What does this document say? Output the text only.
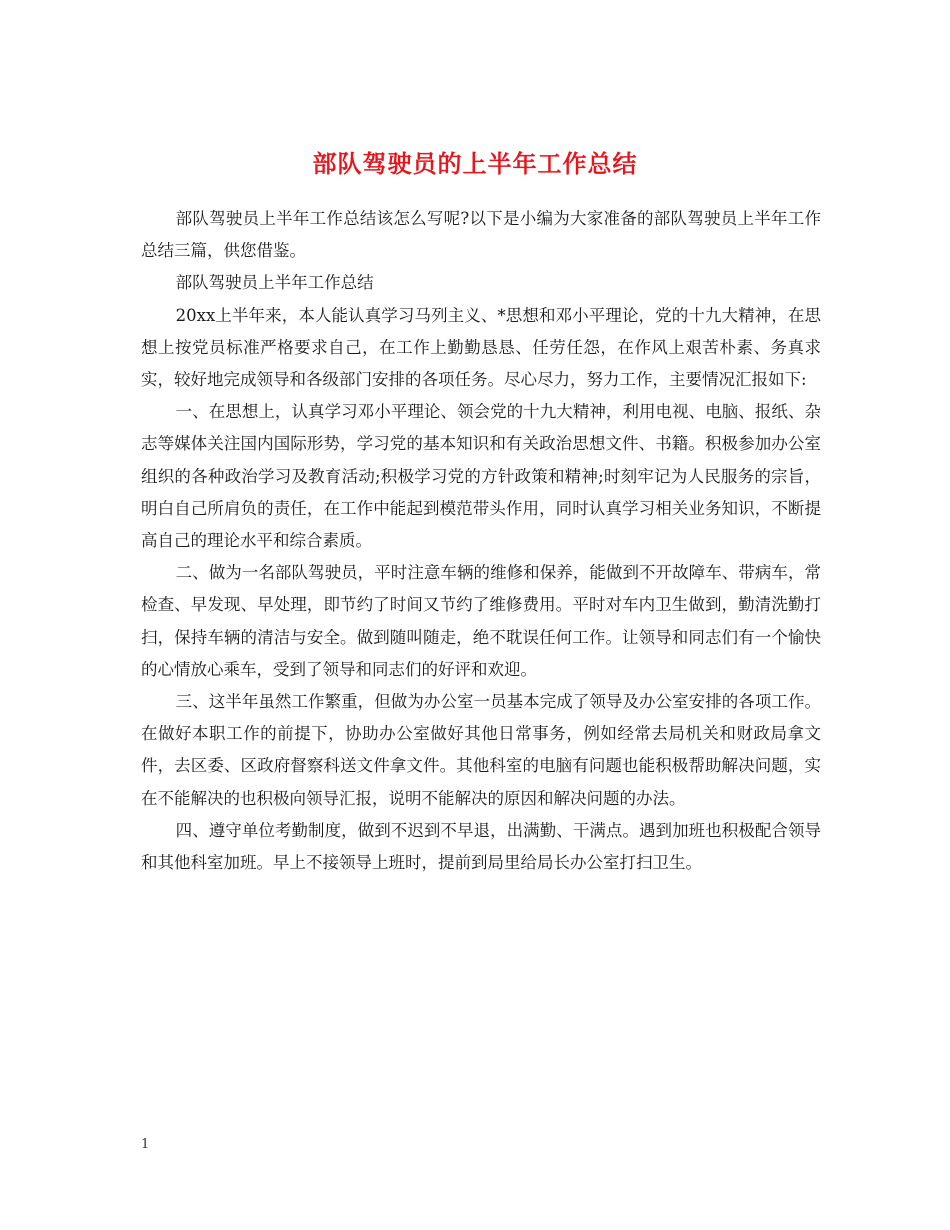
部队驾驶员的上半年工作总结

部队驾驶员上半年工作总结该怎么写呢?以下是小编为大家准备的部队驾驶员上半年工作总结三篇，供您借鉴。

部队驾驶员上半年工作总结

20xx上半年来，本人能认真学习马列主义、*思想和邓小平理论，党的十九大精神，在思想上按党员标准严格要求自己，在工作上勤勤恳恳、任劳任怨，在作风上艰苦朴素、务真求实，较好地完成领导和各级部门安排的各项任务。尽心尽力，努力工作，主要情况汇报如下:

一、在思想上，认真学习邓小平理论、领会党的十九大精神，利用电视、电脑、报纸、杂志等媒体关注国内国际形势，学习党的基本知识和有关政治思想文件、书籍。积极参加办公室组织的各种政治学习及教育活动;积极学习党的方针政策和精神;时刻牢记为人民服务的宗旨，明白自己所肩负的责任，在工作中能起到模范带头作用，同时认真学习相关业务知识，不断提高自己的理论水平和综合素质。

二、做为一名部队驾驶员，平时注意车辆的维修和保养，能做到不开故障车、带病车，常检查、早发现、早处理，即节约了时间又节约了维修费用。平时对车内卫生做到，勤清洗勤打扫，保持车辆的清洁与安全。做到随叫随走，绝不耽误任何工作。让领导和同志们有一个愉快的心情放心乘车，受到了领导和同志们的好评和欢迎。

三、这半年虽然工作繁重，但做为办公室一员基本完成了领导及办公室安排的各项工作。在做好本职工作的前提下，协助办公室做好其他日常事务，例如经常去局机关和财政局拿文件，去区委、区政府督察科送文件拿文件。其他科室的电脑有问题也能积极帮助解决问题，实在不能解决的也积极向领导汇报，说明不能解决的原因和解决问题的办法。

四、遵守单位考勤制度，做到不迟到不早退，出满勤、干满点。遇到加班也积极配合领导和其他科室加班。早上不接领导上班时，提前到局里给局长办公室打扫卫生。

1
